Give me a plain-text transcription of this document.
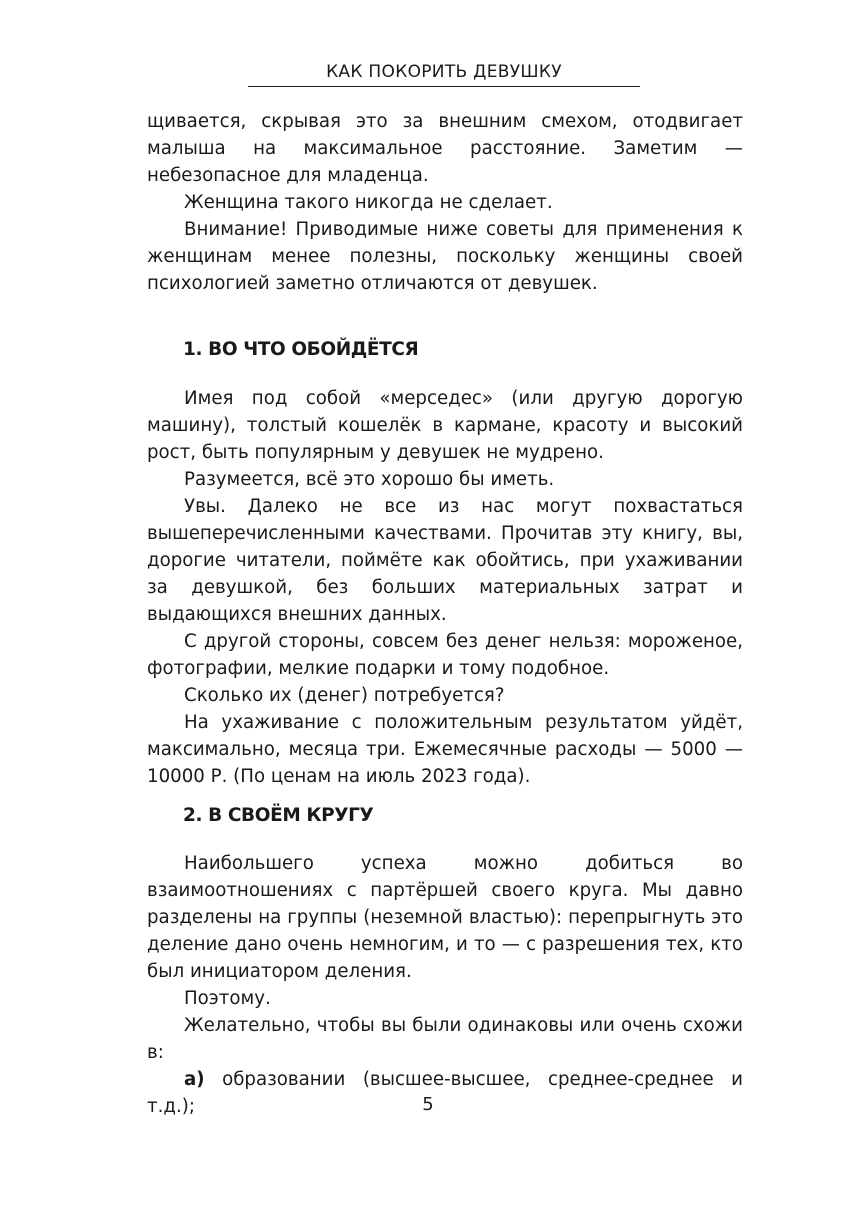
КАК ПОКОРИТЬ ДЕВУШКУ

щивается, скрывая это за внешним смехом, отодвигает малыша на максимальное расстояние. Заметим — небезопасное для младенца.

Женщина такого никогда не сделает.

Внимание! Приводимые ниже советы для применения к женщинам менее полезны, поскольку женщины своей психологией заметно отличаются от девушек.

1. ВО ЧТО ОБОЙДЁТСЯ

Имея под собой «мерседес» (или другую дорогую машину), толстый кошелёк в кармане, красоту и высокий рост, быть популярным у девушек не мудрено.

Разумеется, всё это хорошо бы иметь.

Увы. Далеко не все из нас могут похвастаться вышеперечисленными качествами. Прочитав эту книгу, вы, дорогие читатели, поймёте как обойтись, при ухаживании за девушкой, без больших материальных затрат и выдающихся внешних данных.

С другой стороны, совсем без денег нельзя: мороженое, фотографии, мелкие подарки и тому подобное.

Сколько их (денег) потребуется?

На ухаживание с положительным результатом уйдёт, максимально, месяца три. Ежемесячные расходы — 5000 — 10000 Р. (По ценам на июль 2023 года).

2. В СВОЁМ КРУГУ

Наибольшего успеха можно добиться во взаимоотношениях с партёршей своего круга. Мы давно разделены на группы (неземной властью): перепрыгнуть это деление дано очень немногим, и то — с разрешения тех, кто был инициатором деления.

Поэтому.

Желательно, чтобы вы были одинаковы или очень схожи в:

а) образовании (высшее-высшее, среднее-среднее и т.д.);	5
